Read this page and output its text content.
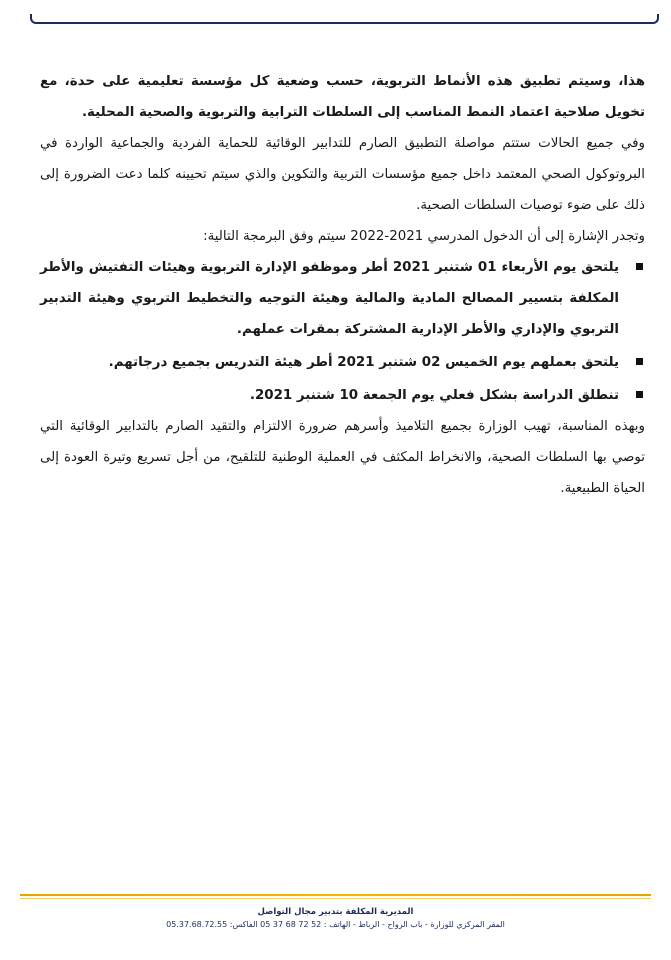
هذا، وسيتم تطبيق هذه الأنماط التربوية، حسب وضعية كل مؤسسة تعليمية على حدة، مع تخويل صلاحية اعتماد النمط المناسب إلى السلطات الترابية والتربوية والصحية المحلية.

وفي جميع الحالات ستتم مواصلة التطبيق الصارم للتدابير الوقائية للحماية الفردية والجماعية الواردة في البروتوكول الصحي المعتمد داخل جميع مؤسسات التربية والتكوين والذي سيتم تحيينه كلما دعت الضرورة إلى ذلك على ضوء توصيات السلطات الصحية.

وتجدر الإشارة إلى أن الدخول المدرسي 2021-2022 سيتم وفق البرمجة التالية:

يلتحق يوم الأربعاء 01 شتنبر 2021 أطر وموظفو الإدارة التربوية وهيئات التفتيش والأطر المكلفة بتسيير المصالح المادية والمالية وهيئة التوجيه والتخطيط التربوي وهيئة التدبير التربوي والإداري والأطر الإدارية المشتركة بمقرات عملهم.
يلتحق بعملهم يوم الخميس 02 شتنبر 2021 أطر هيئة التدريس بجميع درجاتهم.
تنطلق الدراسة بشكل فعلي يوم الجمعة 10 شتنبر 2021.

وبهذه المناسبة، تهيب الوزارة بجميع التلاميذ وأسرهم ضرورة الالتزام والتقيد الصارم بالتدابير الوقائية التي توصي بها السلطات الصحية، والانخراط المكثف في العملية الوطنية للتلقيح، من أجل تسريع وتيرة العودة إلى الحياة الطبيعية.

المديرية المكلفة بتدبير مجال التواصل
المقر المركزي للوزارة - باب الرواح - الرباط - الهاتف : 52 72 68 37 05 الفاكس: 05.37.68.72.55
